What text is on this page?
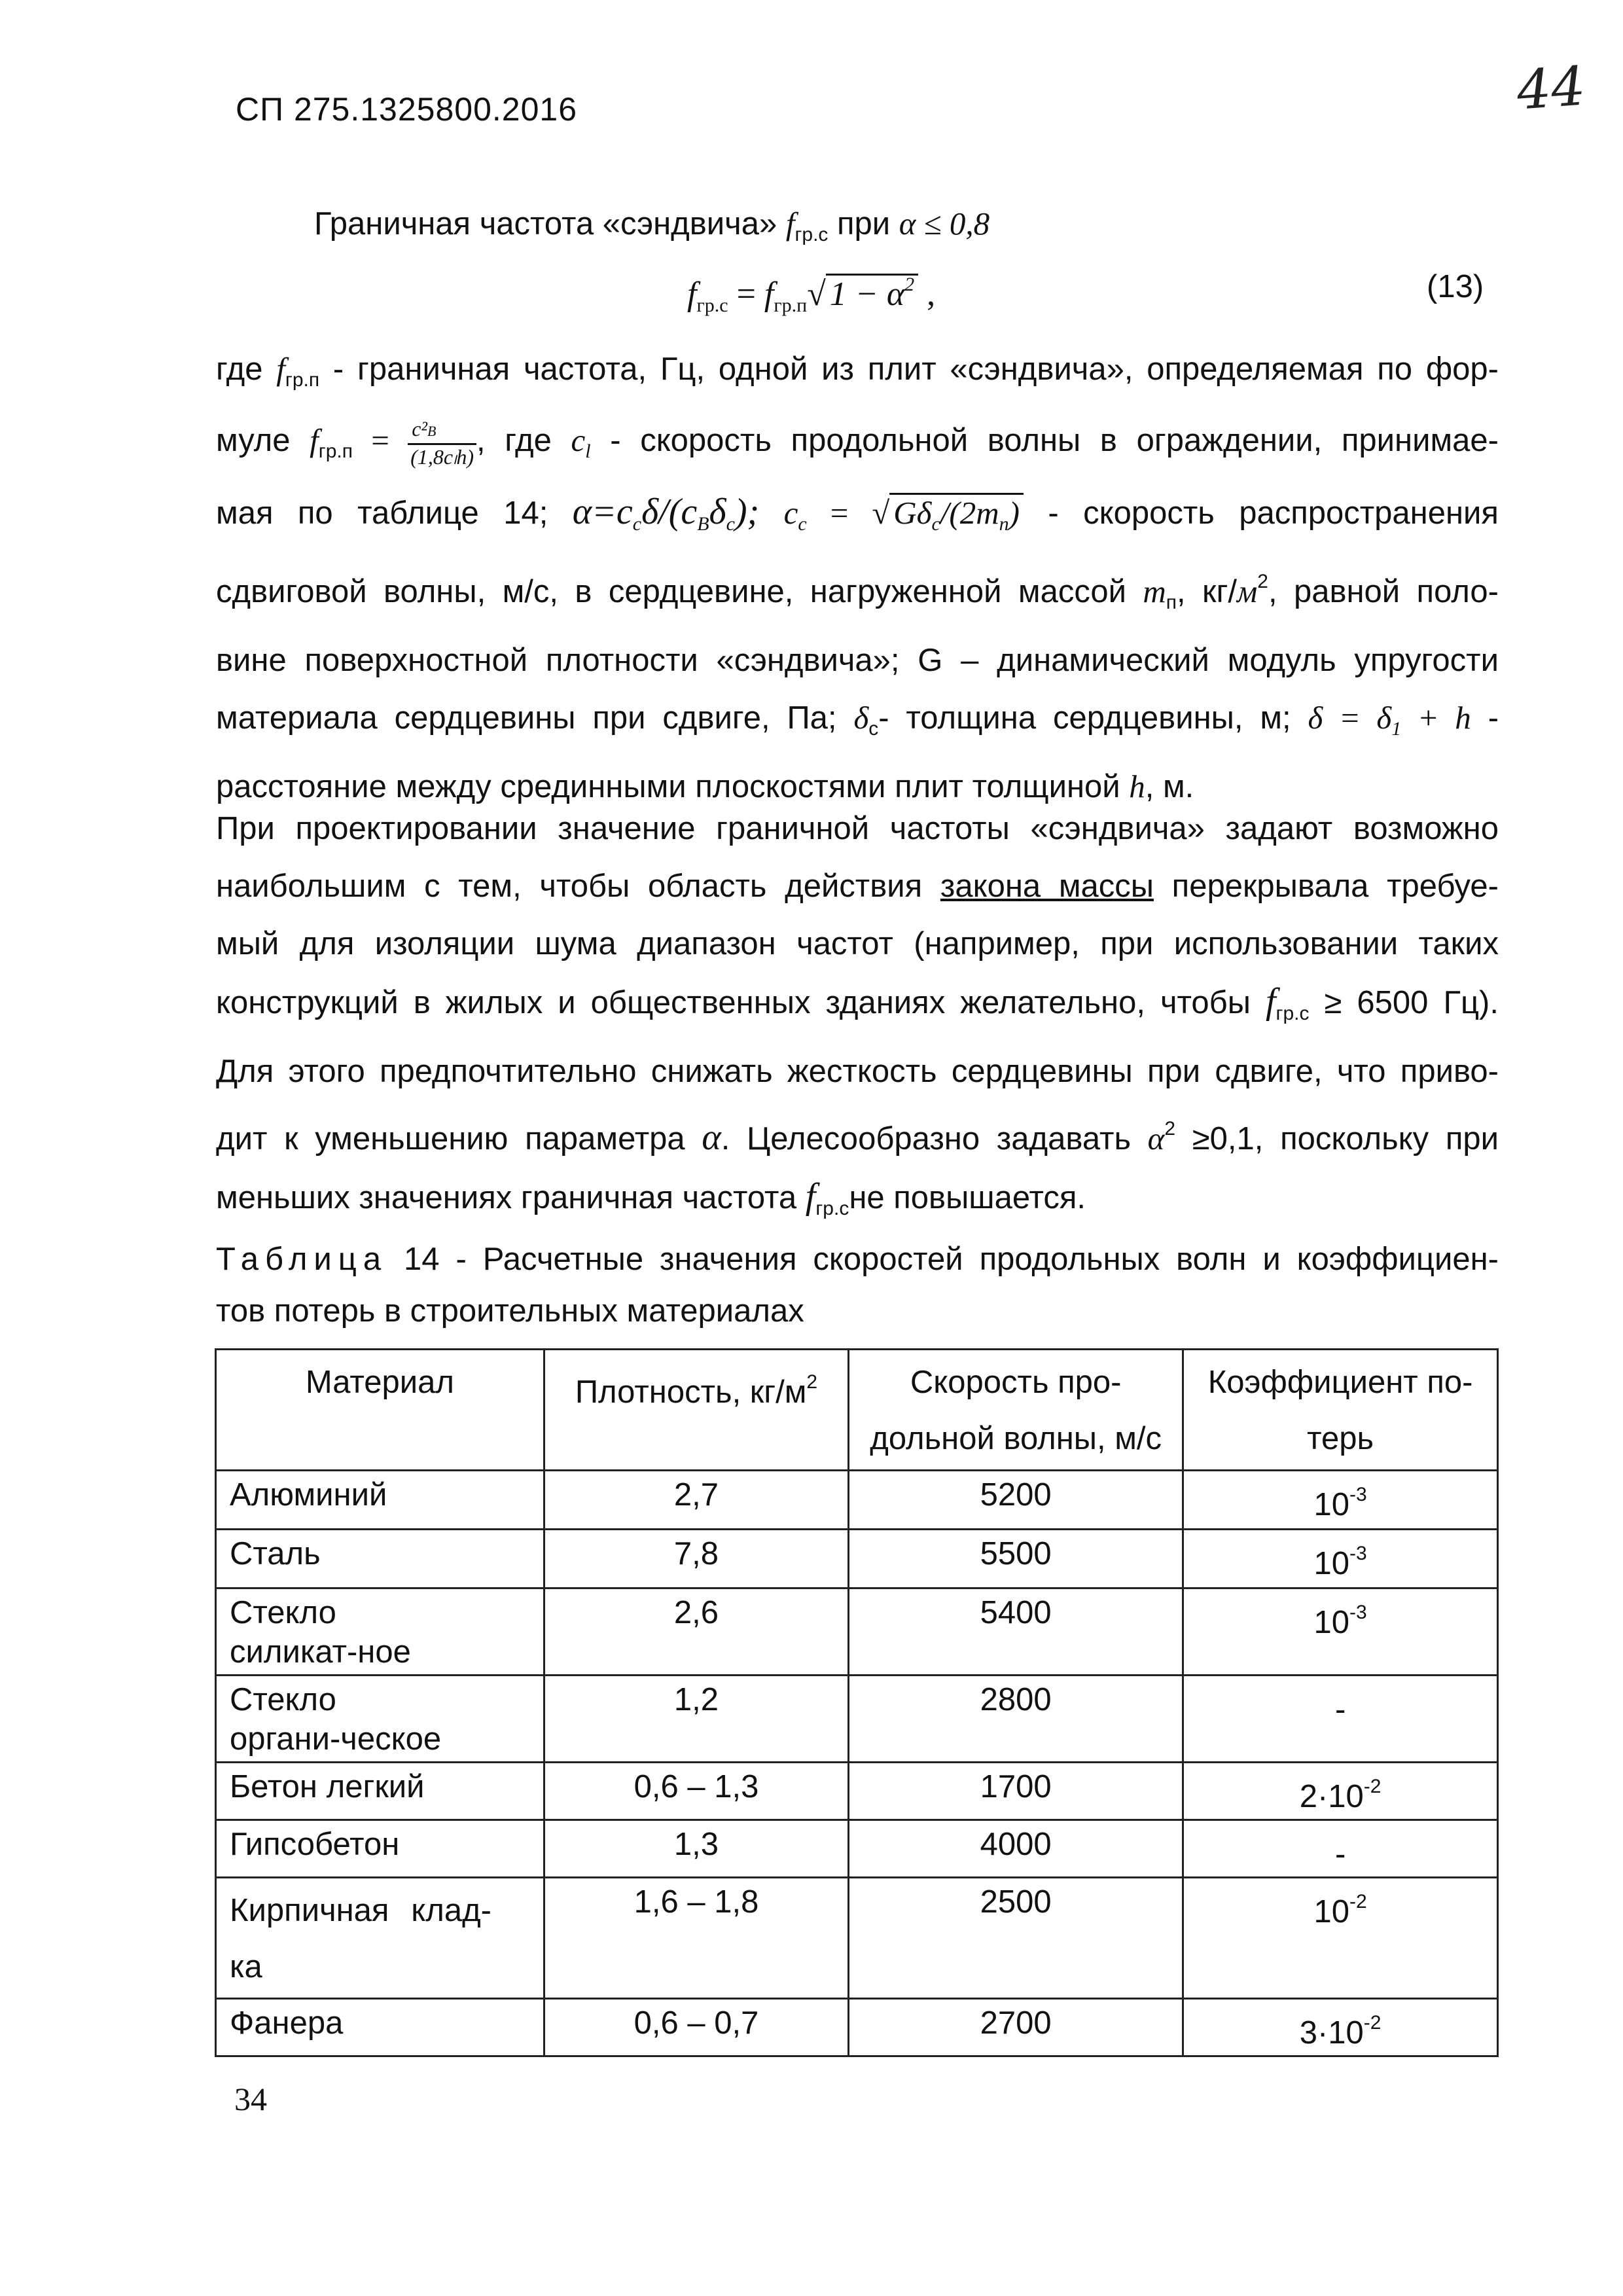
СП 275.1325800.2016	44
Граничная частота «сэндвича» $f_{гр.с}$ при α ≤ 0,8
$f_{гр.с} = f_{гр.п}√$ $1 - \alpha^2$ ,	(13)

где $f_{гр.п}$ - граничная частота, Гц, одной из плит «сэндвича», определяемая по фор-

муле $f_{гр.п} = \frac{\text{c²B}}{\text{(1,8cₗh)}}$ , где $c_l$ - скорость продольной волны в ограждении, принимае-

мая по таблице 14; $\alpha=c_c\delta/(c_B\delta_c)$; $c_c$ = √ $G\delta_c/(2m_п)$ - скорость распространения

сдвиговой волны, м/с, в сердцевине, нагруженной массой $m_п$, $кг/м^2$, равной поло-

вине поверхностной плотности «сэндвича»; G – динамический модуль упругости

материала сердцевины при сдвиге, Па; $\delta_с-$ толщина сердцевины, м; $\delta = \delta_1 + h$ -

расстояние между срединными плоскостями плит толщиной h, м.

При проектировании значение граничной частоты «сэндвича» задают возможно

наибольшим с тем, чтобы область действия закона массы перекрывала требуе-

мый для изоляции шума диапазон частот (например, при использовании таких

конструкций в жилых и общественных зданиях желательно, чтобы $f_{гр.с} \ge 6500$ Гц).

Для этого предпочтительно снижать жесткость сердцевины при сдвиге, что приво-

дит к уменьшению параметра α. Целесообразно задавать $\alpha^2 \ge 0,1$, поскольку при

меньших значениях граничная частота $f_{гр.с}не$ повышается.

Таблица 14 - Расчетные значения скоростей продольных волн и коэффициен-

тов потерь в строительных материалах

Материал	Плотность, $кг/м^2$	Скорость про-дольной волны, м/с	Коэффициент по-терь
Алюминий	2,7	5200	$10^{-3}$
Сталь	7,8	5500	$10^{-3}$

Стекло силикат-ное	2,6	5400	$10^{-3}$

Стекло органи-ческое	1,2	2800	-
Бетон легкий	0,6 – 1,3	1700	$2\cdot 10^{-2}$
Гипсобетон	1,3	4000	-

Кирпичная клад-ка	1,6 – 1,8	2500	$10^{-2}$
Фанера	0,6 – 0,7	2700	$3\cdot 10^{-2}$
34
